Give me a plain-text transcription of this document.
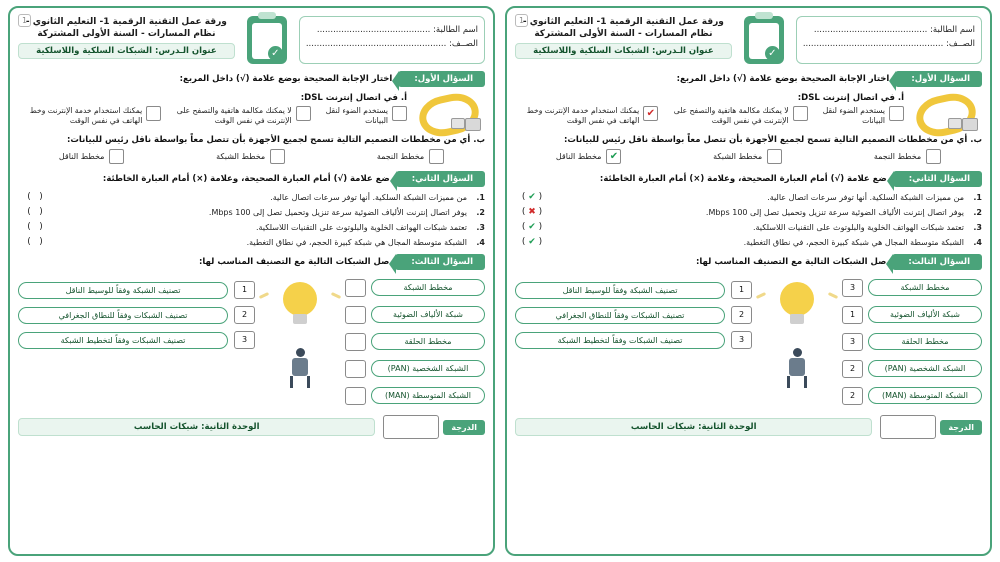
1
اسم الطالبة: ..........................................
الصــف: ....................................................
✓
ورقة عمل التقنية الرقمية 1- التعليم الثانوي -
نظام المسارات - السنة الأولى المشتركة
عنوان الـدرس: الشبكات السلكية واللاسلكية
السؤال الأول:
اختار الإجابة الصحيحة بوضع علامة (√) داخل المربع:
أ. في اتصال إنترنت DSL:
يستخدم الضوء لنقل البيانات
لا يمكنك مكالمة هاتفية والتصفح على الإنترنت في نفس الوقت
✔
يمكنك استخدام خدمة الإنترنت وخط الهاتف في نفس الوقت
ب. أي من مخططات التصميم التالية تسمح لجميع الأجهزة بأن تتصل معاً بواسطة ناقل رئيس للبيانات:
مخطط النجمة
مخطط الشبكة
✔
مخطط الناقل
السؤال الثاني:
ضع علامة (√) أمام العبارة الصحيحة، وعلامة (×) أمام العبارة الخاطئة:
1.
من مميزات الشبكة السلكية. أنها توفر سرعات اتصال عالية.
( ✔ )
2.
يوفر اتصال إنترنت الألياف الضوئية سرعة تنزيل وتحميل تصل إلى 100 Mbps.
( ✖ )
3.
تعتمد شبكات الهواتف الخلوية والبلوتوث على التقنيات اللاسلكية.
( ✔ )
4.
الشبكة متوسطة المجال هي شبكة كبيرة الحجم، في نطاق التغطية.
( ✔ )
السؤال الثالث:
صل الشبكات التالية مع التصنيف المناسب لها:
مخطط الشبكة
3
شبكة الألياف الضوئية
1
مخطط الحلقة
3
الشبكة الشخصية (PAN)
2
الشبكة المتوسطة (MAN)
2
1
تصنيف الشبكة وفقاً للوسيط الناقل
2
تصنيف الشبكات وفقاً للنطاق الجغرافي
3
تصنيف الشبكات وفقاً لتخطيط الشبكة
الدرجة
الوحدة الثانية: شبكات الحاسب
1
اسم الطالبة: ..........................................
الصــف: ....................................................
✓
ورقة عمل التقنية الرقمية 1- التعليم الثانوي -
نظام المسارات - السنة الأولى المشتركة
عنوان الـدرس: الشبكات السلكية واللاسلكية
السؤال الأول:
اختار الإجابة الصحيحة بوضع علامة (√) داخل المربع:
أ. في اتصال إنترنت DSL:
يستخدم الضوء لنقل البيانات
لا يمكنك مكالمة هاتفية والتصفح على الإنترنت في نفس الوقت
يمكنك استخدام خدمة الإنترنت وخط الهاتف في نفس الوقت
ب. أي من مخططات التصميم التالية تسمح لجميع الأجهزة بأن تتصل معاً بواسطة ناقل رئيس للبيانات:
مخطط النجمة
مخطط الشبكة
مخطط الناقل
السؤال الثاني:
ضع علامة (√) أمام العبارة الصحيحة، وعلامة (×) أمام العبارة الخاطئة:
1.
من مميزات الشبكة السلكية. أنها توفر سرعات اتصال عالية.
(   )
2.
يوفر اتصال إنترنت الألياف الضوئية سرعة تنزيل وتحميل تصل إلى 100 Mbps.
(   )
3.
تعتمد شبكات الهواتف الخلوية والبلوتوث على التقنيات اللاسلكية.
(   )
4.
الشبكة متوسطة المجال هي شبكة كبيرة الحجم، في نطاق التغطية.
(   )
السؤال الثالث:
صل الشبكات التالية مع التصنيف المناسب لها:
مخطط الشبكة
شبكة الألياف الضوئية
مخطط الحلقة
الشبكة الشخصية (PAN)
الشبكة المتوسطة (MAN)
1
تصنيف الشبكة وفقاً للوسيط الناقل
2
تصنيف الشبكات وفقاً للنطاق الجغرافي
3
تصنيف الشبكات وفقاً لتخطيط الشبكة
الدرجة
الوحدة الثانية: شبكات الحاسب
